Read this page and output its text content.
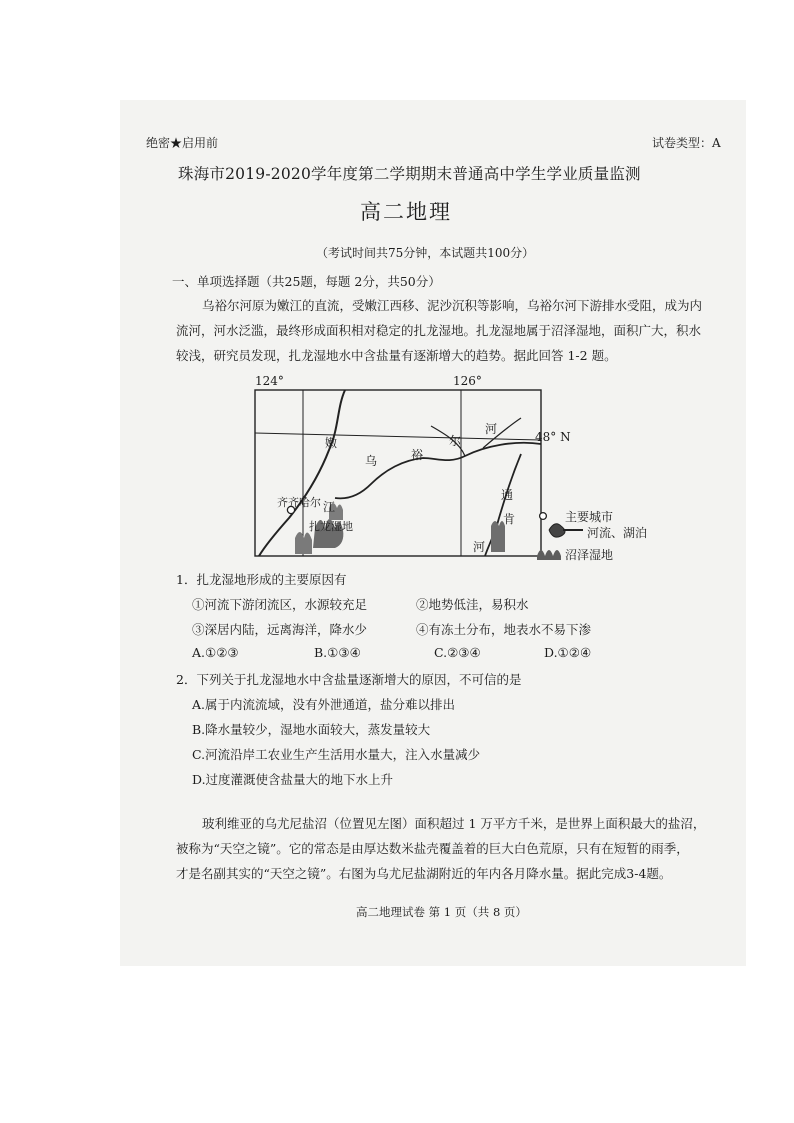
绝密★启用前	试卷类型：A
珠海市2019-2020学年度第二学期期末普通高中学生学业质量监测
高二地理
（考试时间共75分钟，本试题共100分）
一、单项选择题（共25题，每题 2分，共50分）
乌裕尔河原为嫩江的直流，受嫩江西移、泥沙沉积等影响，乌裕尔河下游排水受阻，成为内
流河，河水泛滥，最终形成面积相对稳定的扎龙湿地。扎龙湿地属于沼泽湿地，面积广大，积水
较浅，研究员发现，扎龙湿地水中含盐量有逐渐增大的趋势。据此回答 1-2 题。
124°	126°
48° N
嫩
江
乌	裕
尔
河
通
肯
河
齐齐哈尔
扎龙湿地
主要城市
河流、湖泊
沼泽湿地
1．扎龙湿地形成的主要原因有
①河流下游闭流区，水源较充足	②地势低洼，易积水
③深居内陆，远离海洋，降水少	④有冻土分布，地表水不易下渗
A.①②③	B.①③④	C.②③④	D.①②④
2．下列关于扎龙湿地水中含盐量逐渐增大的原因，不可信的是
A.属于内流流域，没有外泄通道，盐分难以排出
B.降水量较少，湿地水面较大，蒸发量较大
C.河流沿岸工农业生产生活用水量大，注入水量减少
D.过度灌溉使含盐量大的地下水上升
玻利维亚的乌尤尼盐沼（位置见左图）面积超过 1 万平方千米，是世界上面积最大的盐沼，
被称为“天空之镜”。它的常态是由厚达数米盐壳覆盖着的巨大白色荒原，只有在短暂的雨季，
才是名副其实的“天空之镜”。右图为乌尤尼盐湖附近的年内各月降水量。据此完成3-4题。
高二地理试卷 第 1 页（共 8 页）
